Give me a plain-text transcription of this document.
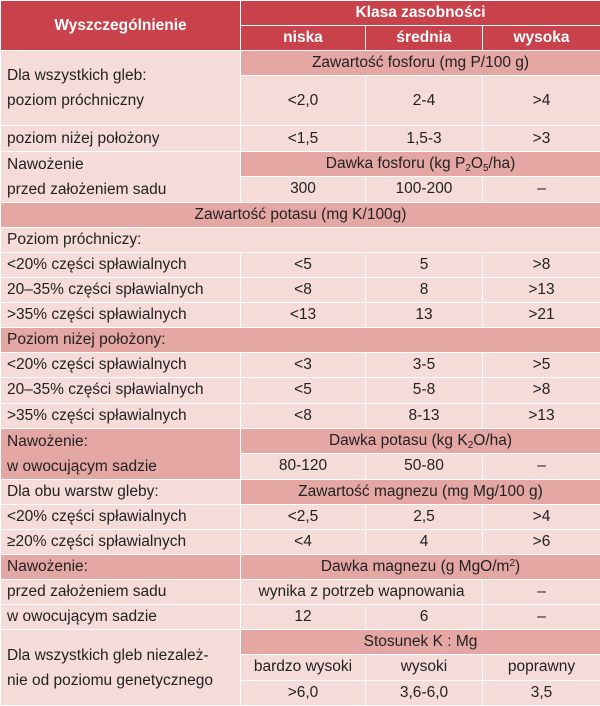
Wyszczególnienie	Klasa zasobności		
	niska	średnia	wysoka

Dla wszystkich gleb:
poziom próchniczny	Zawartość fosforu (mg P/100 g)		
	<2,0	2-4	>4

poziom niżej położony	<1,5	1,5-3	>3

Nawożenie
przed założeniem sadu	Dawka fosforu (kg $P_2O_5/ha$)		
	300	100-200	–
Zawartość potasu (mg K/100g)			
Poziom próchniczy:			
<20% części spławialnych	<5	5	>8
20–35% części spławialnych	<8	8	>13
>35% części spławialnych	<13	13	>21
Poziom niżej położony:			
<20% części spławialnych	<3	3-5	>5
20–35% części spławialnych	<5	5-8	>8
>35% części spławialnych	<8	8-13	>13

Nawożenie:
w owocującym sadzie	Dawka potasu (kg $K_2O/ha$)		
	80-120	50-80	–
Dla obu warstw gleby:	Zawartość magnezu (mg Mg/100 g)		
<20% części spławialnych	<2,5	2,5	>4
≥20% części spławialnych	<4	4	>6
Nawożenie:	Dawka magnezu (g MgO/$m^2$)		
przed założeniem sadu	wynika z potrzeb wapnowania		–
w owocującym sadzie	12	6	–

Dla wszystkich gleb niezależ-
nie od poziomu genetycznego	Stosunek K : Mg		
	bardzo wysoki	wysoki	poprawny
	>6,0	3,6-6,0	3,5
